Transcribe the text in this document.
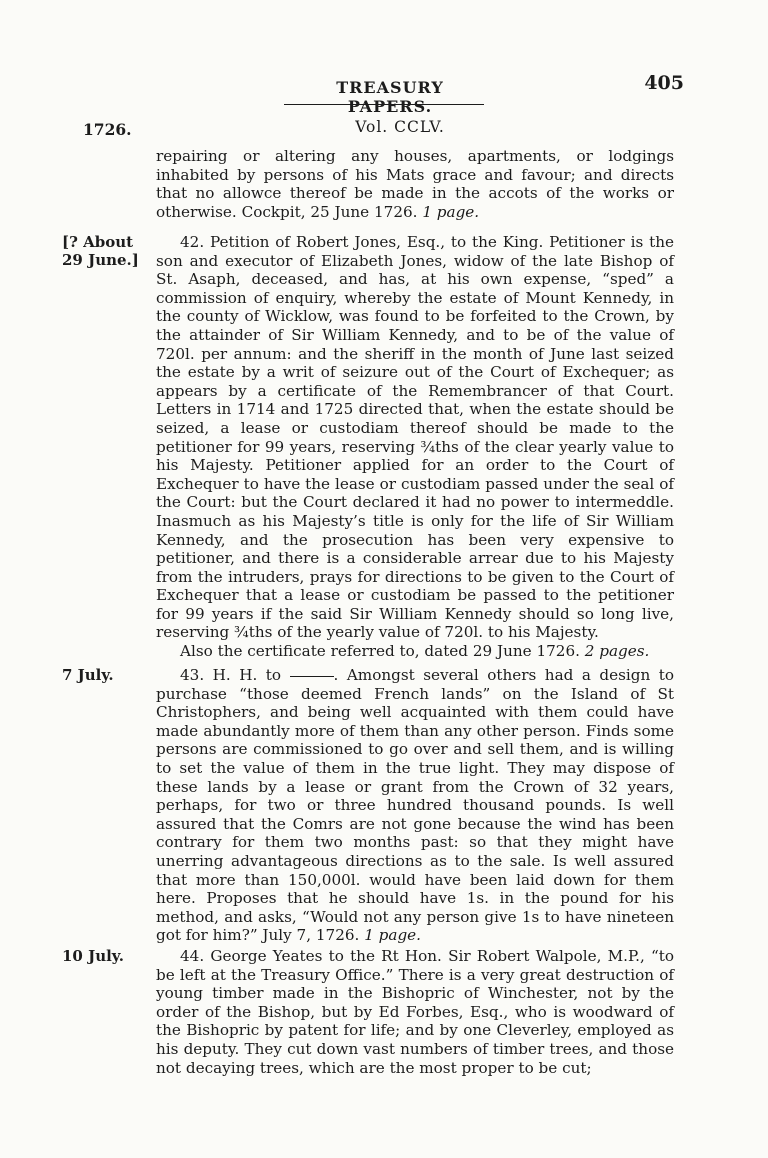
TREASURY PAPERS.
405
1726.	Vol. CCLV.

repairing or altering any houses, apartments, or lodgings inhabited by persons of his Mats grace and favour; and directs that no allowce thereof be made in the accots of the works or otherwise. Cockpit, 25 June 1726. 1 page.

[? About 29 June.]

42. Petition of Robert Jones, Esq., to the King. Petitioner is the son and executor of Elizabeth Jones, widow of the late Bishop of St. Asaph, deceased, and has, at his own expense, “sped” a commission of enquiry, whereby the estate of Mount Kennedy, in the county of Wicklow, was found to be forfeited to the Crown, by the attainder of Sir William Kennedy, and to be of the value of 720l. per annum: and the sheriff in the month of June last seized the estate by a writ of seizure out of the Court of Exchequer; as appears by a certificate of the Remembrancer of that Court. Letters in 1714 and 1725 directed that, when the estate should be seized, a lease or custodiam thereof should be made to the petitioner for 99 years, reserving ¾ths of the clear yearly value to his Majesty. Petitioner applied for an order to the Court of Exchequer to have the lease or custodiam passed under the seal of the Court: but the Court declared it had no power to intermeddle. Inasmuch as his Majesty’s title is only for the life of Sir William Kennedy, and the prosecution has been very expensive to petitioner, and there is a considerable arrear due to his Majesty from the intruders, prays for directions to be given to the Court of Exchequer that a lease or custodiam be passed to the petitioner for 99 years if the said Sir William Kennedy should so long live, reserving ¾ths of the yearly value of 720l. to his Majesty.

Also the certificate referred to, dated 29 June 1726. 2 pages.

7 July.	43. H. H. to	. Amongst several others had a design to purchase “those deemed French lands” on the Island of St Christophers, and being well acquainted with them could have made abundantly more of them than any other person. Finds some persons are commissioned to go over and sell them, and is willing to set the value of them in the true light. They may dispose of these lands by a lease or grant from the Crown of 32 years, perhaps, for two or three hundred thousand pounds. Is well assured that the Comrs are not gone because the wind has been contrary for them two months past: so that they might have unerring advantageous directions as to the sale. Is well assured that more than 150,000l. would have been laid down for them here. Proposes that he should have 1s. in the pound for his method, and asks, “Would not any person give 1s to have nineteen got for him?” July 7, 1726. 1 page.

10 July.	44. George Yeates to the Rt Hon. Sir Robert Walpole, M.P., “to be left at the Treasury Office.” There is a very great destruction of young timber made in the Bishopric of Winchester, not by the order of the Bishop, but by Ed Forbes, Esq., who is woodward of the Bishopric by patent for life; and by one Cleverley, employed as his deputy. They cut down vast numbers of timber trees, and those not decaying trees, which are the most proper to be cut;
